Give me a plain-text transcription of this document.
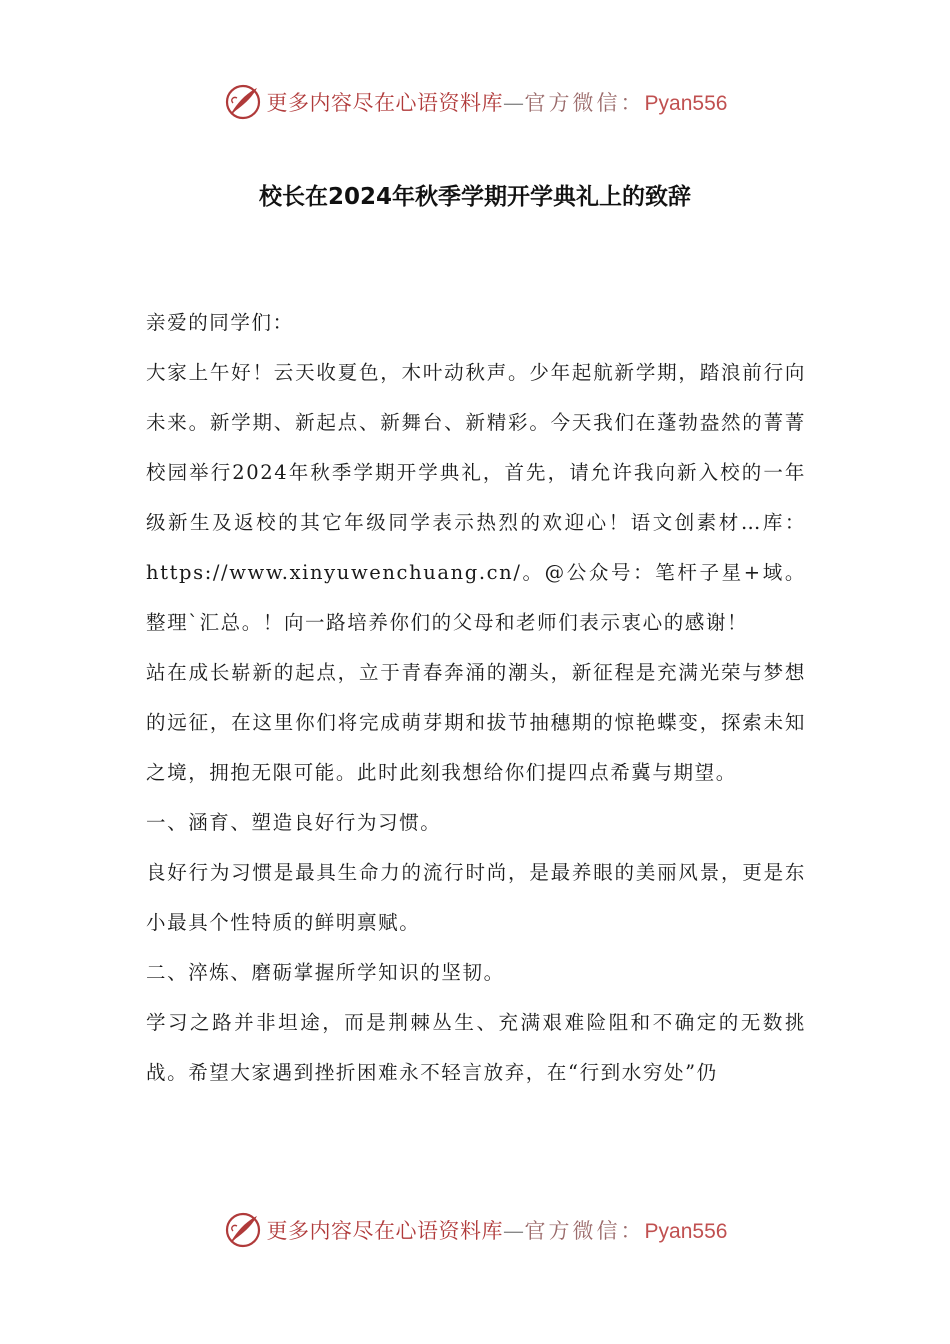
更多内容尽在心语资料库—官方微信：Pyan556
校长在2024年秋季学期开学典礼上的致辞

亲爱的同学们：

大家上午好！云天收夏色，木叶动秋声。少年起航新学期，踏浪前行向未来。新学期、新起点、新舞台、新精彩。今天我们在蓬勃盎然的菁菁校园举行2024年秋季学期开学典礼，首先，请允许我向新入校的一年级新生及返校的其它年级同学表示热烈的欢迎心！语文创素材…库：https://www.xinyuwenchuang.cn/。@公众号：笔杆子星+域。整理`汇总。！向一路培养你们的父母和老师们表示衷心的感谢！

站在成长崭新的起点，立于青春奔涌的潮头，新征程是充满光荣与梦想的远征，在这里你们将完成萌芽期和拔节抽穗期的惊艳蝶变，探索未知之境，拥抱无限可能。此时此刻我想给你们提四点希冀与期望。

一、涵育、塑造良好行为习惯。

良好行为习惯是最具生命力的流行时尚，是最养眼的美丽风景，更是东小最具个性特质的鲜明禀赋。

二、淬炼、磨砺掌握所学知识的坚韧。

学习之路并非坦途，而是荆棘丛生、充满艰难险阻和不确定的无数挑战。希望大家遇到挫折困难永不轻言放弃，在“行到水穷处”仍

更多内容尽在心语资料库—官方微信：Pyan556
